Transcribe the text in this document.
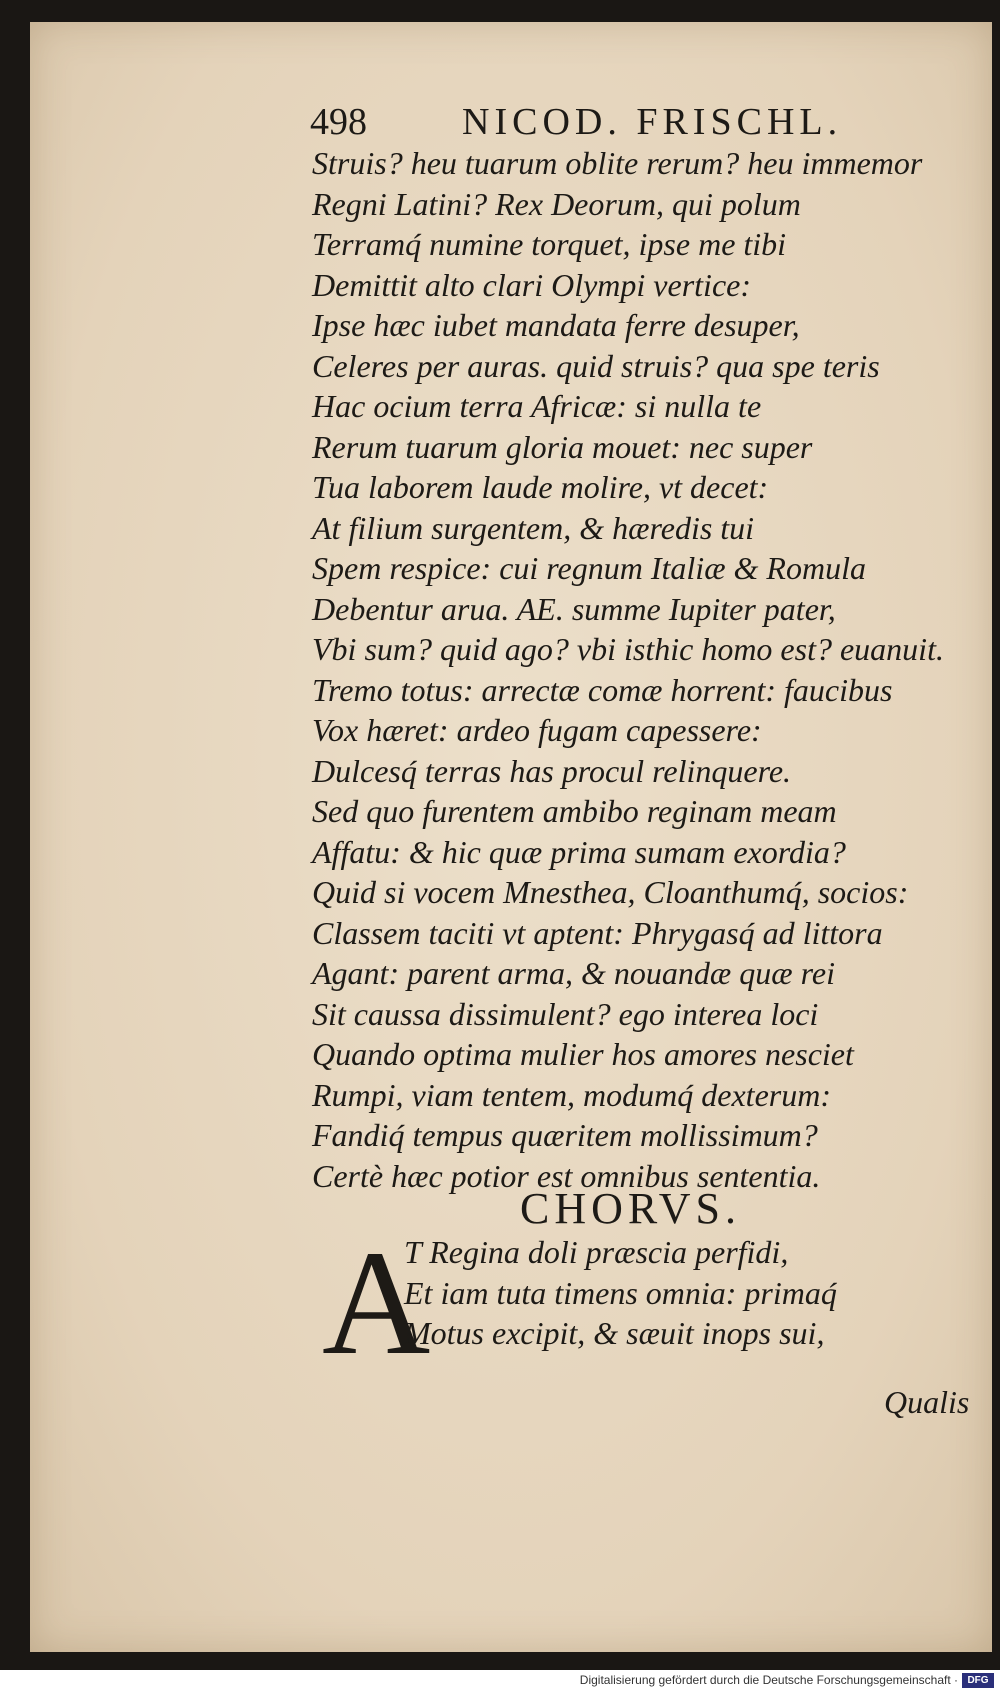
498	NICOD. FRISCHL.
Struis? heu tuarum oblite rerum? heu immemor
Regni Latini? Rex Deorum, qui polum
Terramq́ numine torquet, ipse me tibi
Demittit alto clari Olympi vertice:
Ipse hæc iubet mandata ferre desuper,
Celeres per auras. quid struis? qua spe teris
Hac ocium terra Africæ: si nulla te
Rerum tuarum gloria mouet: nec super
Tua laborem laude molire, vt decet:
At filium surgentem, & hæredis tui
Spem respice: cui regnum Italiæ & Romula
Debentur arua. AE. summe Iupiter pater,
Vbi sum? quid ago? vbi isthic homo est? euanuit.
Tremo totus: arrectæ comæ horrent: faucibus
Vox hæret: ardeo fugam capessere:
Dulcesq́ terras has procul relinquere.
Sed quo furentem ambibo reginam meam
Affatu: & hic quæ prima sumam exordia?
Quid si vocem Mnesthea, Cloanthumq́, socios:
Classem taciti vt aptent: Phrygasq́ ad littora
Agant: parent arma, & nouandæ quæ rei
Sit caussa dissimulent? ego interea loci
Quando optima mulier hos amores nesciet
Rumpi, viam tentem, modumq́ dexterum:
Fandiq́ tempus quæritem mollissimum?
Certè hæc potior est omnibus sententia.
CHORVS.
A
T Regina doli præscia perfidi,
Et iam tuta timens omnia: primaq́
Motus excipit, & sæuit inops sui,
Qualis
Digitalisierung gefördert durch die Deutsche Forschungsgemeinschaft · DFG
